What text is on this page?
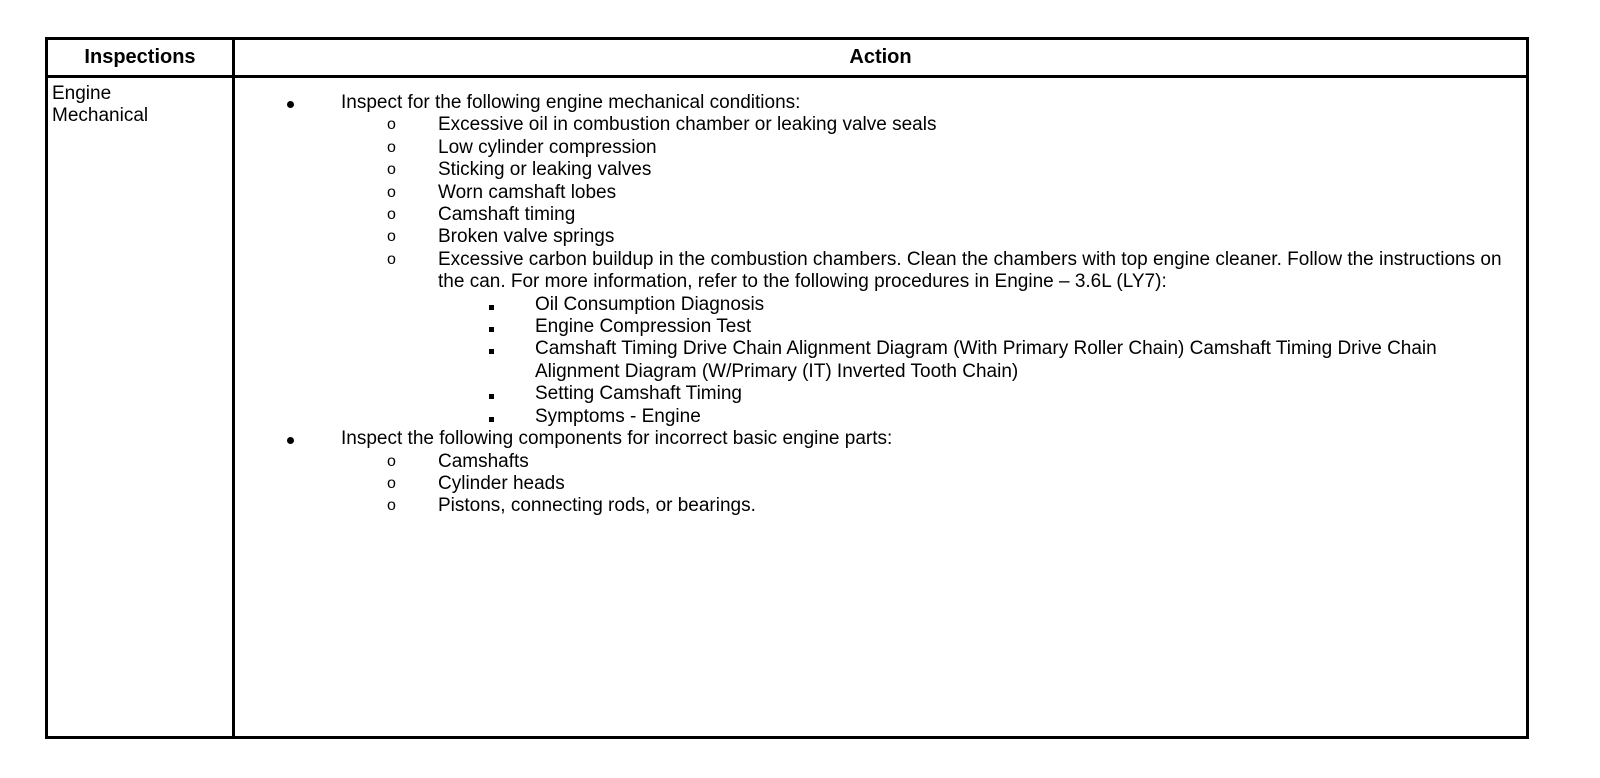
Inspections	Action
Engine
Mechanical
Inspect for the following engine mechanical conditions:
o Excessive oil in combustion chamber or leaking valve seals
o Low cylinder compression
o Sticking or leaking valves
o Worn camshaft lobes
o Camshaft timing
o Broken valve springs
o Excessive carbon buildup in the combustion chambers. Clean the chambers with top engine cleaner. Follow the instructions on the can. For more information, refer to the following procedures in Engine – 3.6L (LY7):
Oil Consumption Diagnosis
Engine Compression Test
Camshaft Timing Drive Chain Alignment Diagram (With Primary Roller Chain) Camshaft Timing Drive Chain Alignment Diagram (W/Primary (IT) Inverted Tooth Chain)
Setting Camshaft Timing
Symptoms - Engine
Inspect the following components for incorrect basic engine parts:
o Camshafts
o Cylinder heads
o Pistons, connecting rods, or bearings.
